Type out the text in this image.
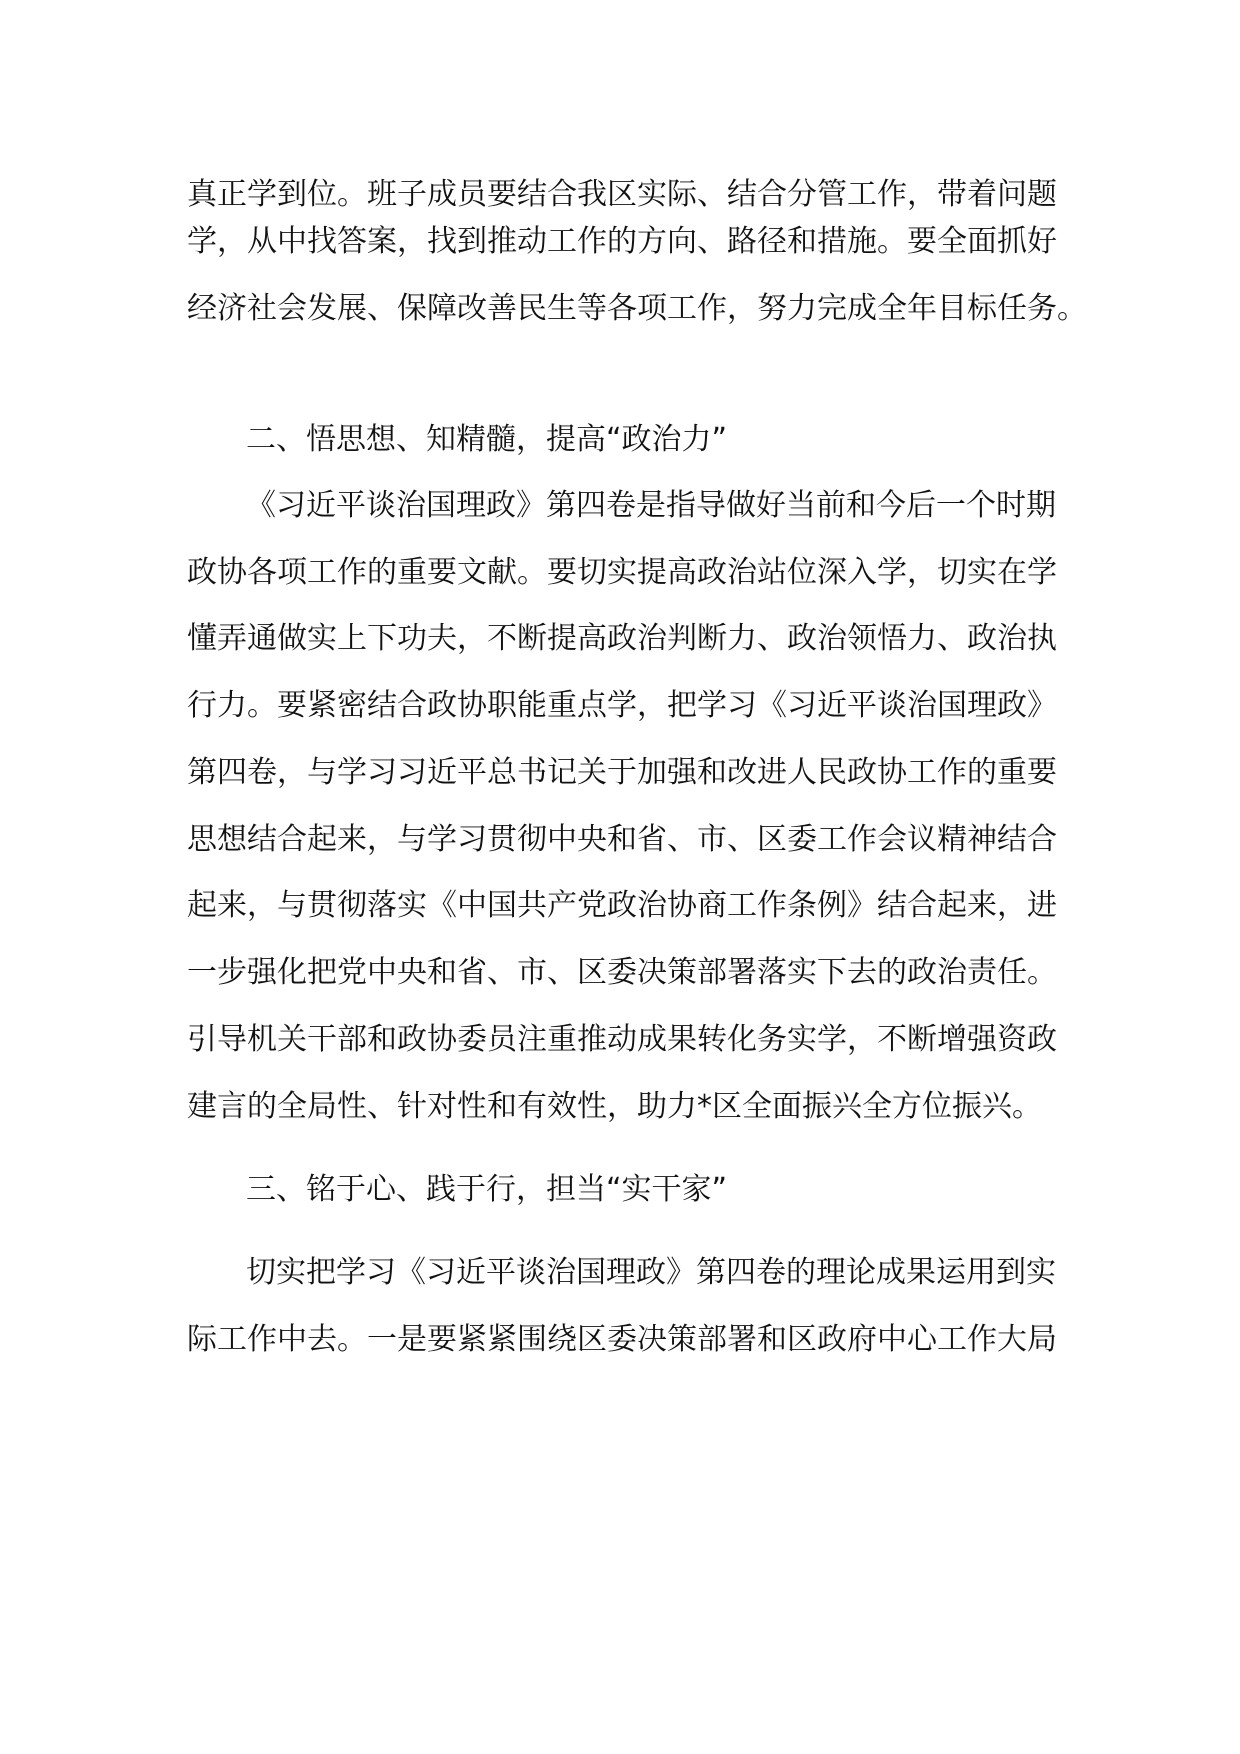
真正学到位。班子成员要结合我区实际、结合分管工作，带着问题

学，从中找答案，找到推动工作的方向、路径和措施。要全面抓好

经济社会发展、保障改善民生等各项工作，努力完成全年目标任务。

二、悟思想、知精髓，提高“政治力”

《习近平谈治国理政》第四卷是指导做好当前和今后一个时期

政协各项工作的重要文献。要切实提高政治站位深入学，切实在学

懂弄通做实上下功夫，不断提高政治判断力、政治领悟力、政治执

行力。要紧密结合政协职能重点学，把学习《习近平谈治国理政》

第四卷，与学习习近平总书记关于加强和改进人民政协工作的重要

思想结合起来，与学习贯彻中央和省、市、区委工作会议精神结合

起来，与贯彻落实《中国共产党政治协商工作条例》结合起来，进

一步强化把党中央和省、市、区委决策部署落实下去的政治责任。

引导机关干部和政协委员注重推动成果转化务实学，不断增强资政

建言的全局性、针对性和有效性，助力*区全面振兴全方位振兴。

三、铭于心、践于行，担当“实干家”

切实把学习《习近平谈治国理政》第四卷的理论成果运用到实

际工作中去。一是要紧紧围绕区委决策部署和区政府中心工作大局
